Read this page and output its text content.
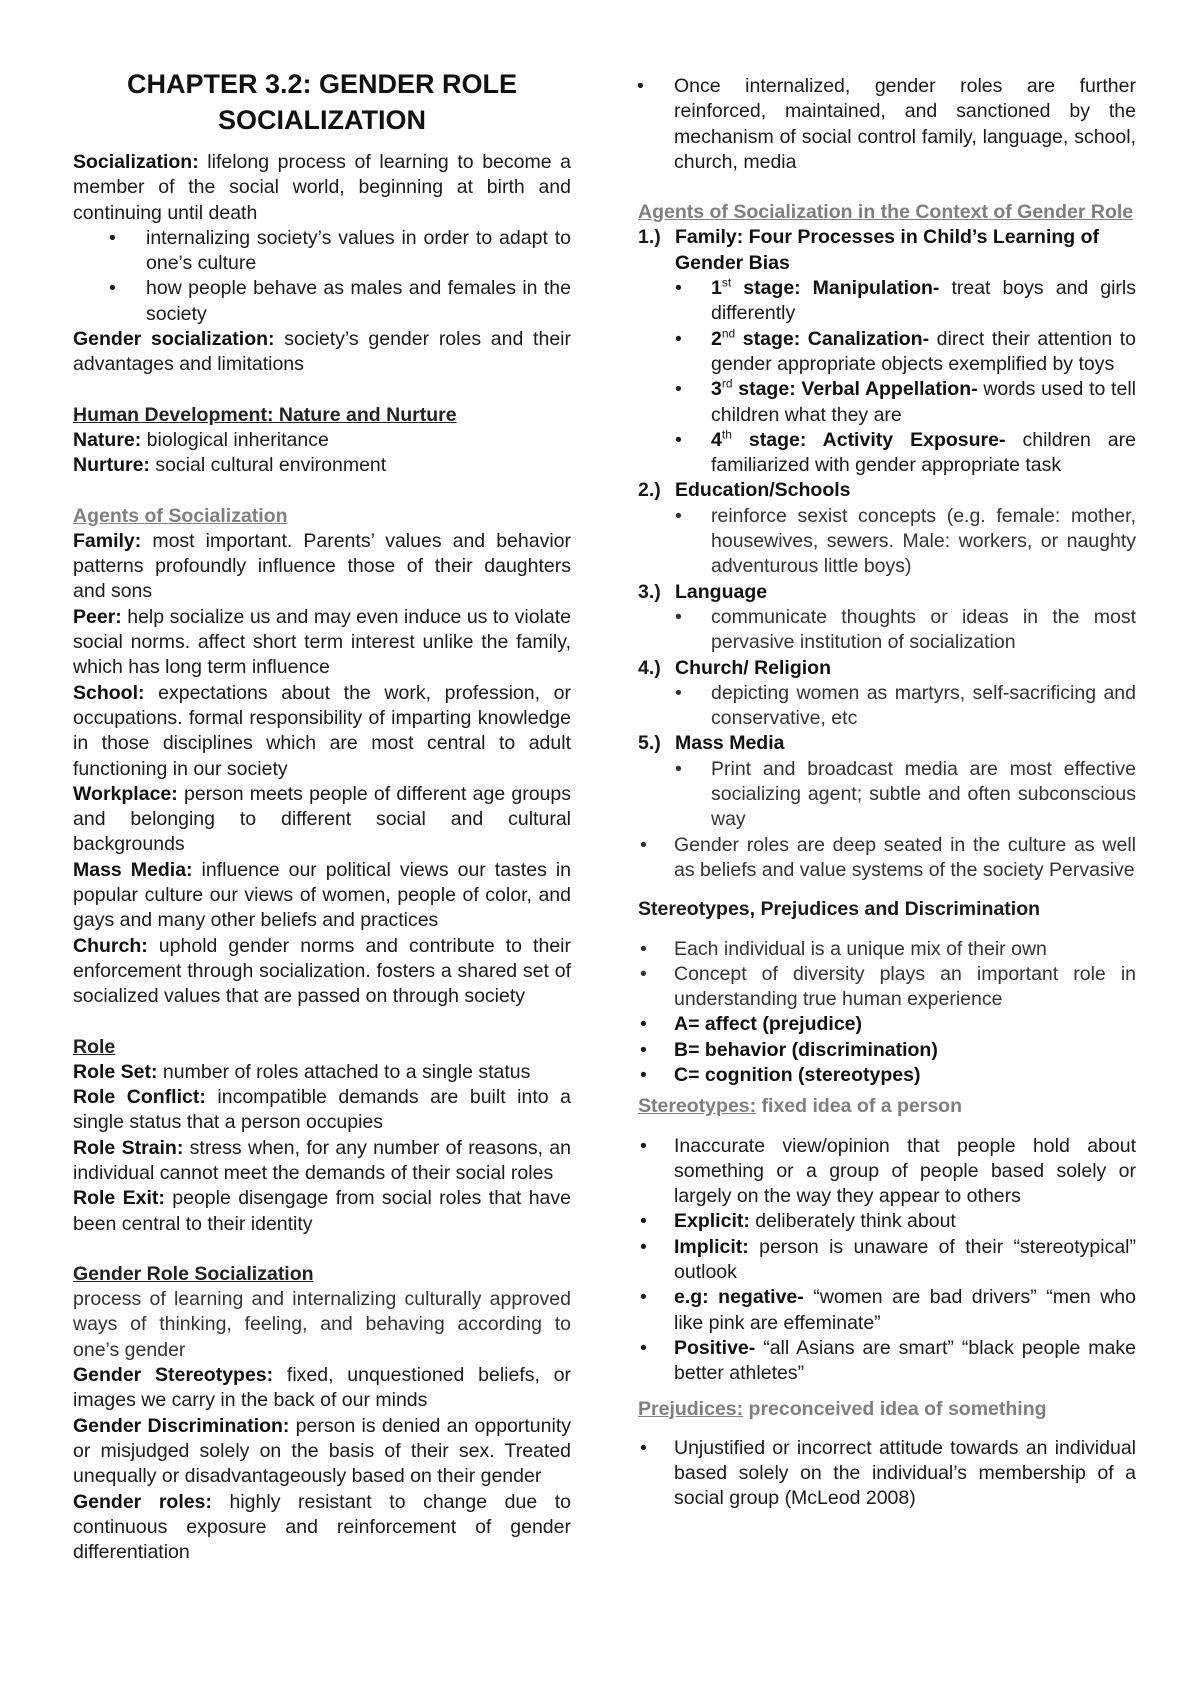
CHAPTER 3.2: GENDER ROLE
SOCIALIZATION

Socialization: lifelong process of learning to become a member of the social world, beginning at birth and continuing until death

• internalizing society’s values in order to adapt to one’s culture
• how people behave as males and females in the society

Gender socialization: society’s gender roles and their advantages and limitations

Human Development: Nature and Nurture

Nature: biological inheritance

Nurture: social cultural environment

Agents of Socialization

Family: most important. Parents’ values and behavior patterns profoundly influence those of their daughters and sons

Peer: help socialize us and may even induce us to violate social norms. affect short term interest unlike the family, which has long term influence

School: expectations about the work, profession, or occupations. formal responsibility of imparting knowledge in those disciplines which are most central to adult functioning in our society

Workplace: person meets people of different age groups and belonging to different social and cultural backgrounds

Mass Media: influence our political views our tastes in popular culture our views of women, people of color, and gays and many other beliefs and practices

Church: uphold gender norms and contribute to their enforcement through socialization. fosters a shared set of socialized values that are passed on through society

Role

Role Set: number of roles attached to a single status

Role Conflict: incompatible demands are built into a single status that a person occupies

Role Strain: stress when, for any number of reasons, an individual cannot meet the demands of their social roles

Role Exit: people disengage from social roles that have been central to their identity

Gender Role Socialization

process of learning and internalizing culturally approved ways of thinking, feeling, and behaving according to one’s gender

Gender Stereotypes: fixed, unquestioned beliefs, or images we carry in the back of our minds

Gender Discrimination: person is denied an opportunity or misjudged solely on the basis of their sex. Treated unequally or disadvantageously based on their gender

Gender roles: highly resistant to change due to continuous exposure and reinforcement of gender differentiation

• Once internalized, gender roles are further reinforced, maintained, and sanctioned by the mechanism of social control family, language, school, church, media
Agents of Socialization in the Context of Gender Role
1.) Family: Four Processes in Child’s Learning of Gender Bias
• 1st stage: Manipulation- treat boys and girls differently
• 2nd stage: Canalization- direct their attention to gender appropriate objects exemplified by toys
• 3rd stage: Verbal Appellation- words used to tell children what they are
• 4th stage: Activity Exposure- children are familiarized with gender appropriate task
2.) Education/Schools
• reinforce sexist concepts (e.g. female: mother, housewives, sewers. Male: workers, or naughty adventurous little boys)
3.) Language
• communicate thoughts or ideas in the most pervasive institution of socialization
4.) Church/ Religion
• depicting women as martyrs, self-sacrificing and conservative, etc
5.) Mass Media
• Print and broadcast media are most effective socializing agent; subtle and often subconscious way
• Gender roles are deep seated in the culture as well as beliefs and value systems of the society Pervasive
Stereotypes, Prejudices and Discrimination
• Each individual is a unique mix of their own
• Concept of diversity plays an important role in understanding true human experience
• A= affect (prejudice)
• B= behavior (discrimination)
• C= cognition (stereotypes)
Stereotypes: fixed idea of a person
• Inaccurate view/opinion that people hold about something or a group of people based solely or largely on the way they appear to others
• Explicit: deliberately think about
• Implicit: person is unaware of their “stereotypical” outlook
• e.g: negative- “women are bad drivers” “men who like pink are effeminate”
• Positive- “all Asians are smart” “black people make better athletes”
Prejudices: preconceived idea of something
• Unjustified or incorrect attitude towards an individual based solely on the individual’s membership of a social group (McLeod 2008)
